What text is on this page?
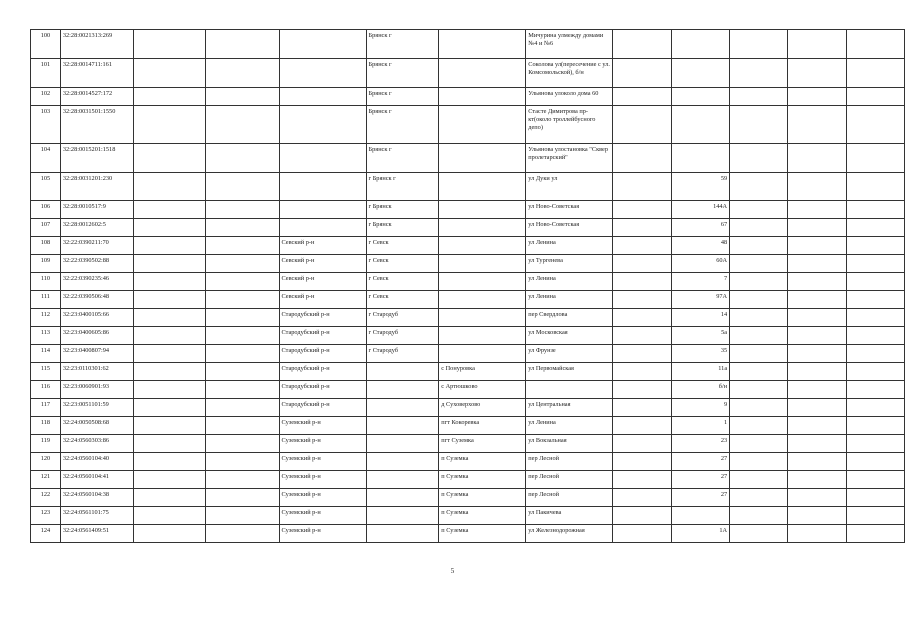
100	32:28:0021313:269				Брянск г		Мичурина улмежду домами №4 и №6					
101	32:28:0014711:161				Брянск г		Соколова ул(пересечение с ул. Комсомольской), б/н					
102	32:28:0014527:172				Брянск г		Ульянова улоколо дома 60					
103	32:28:0031501:1550				Брянск г		Стасте Димитрова пр-кт(около троллейбусного депо)					
104	32:28:0015201:1518				Брянск г		Ульянова улостановка "Сквер пролетарский"					
105	32:28:0031201:230				г Брянск г		ул Дуки ул		59			
106	32:28:0010517:9				г Брянск		ул Ново-Советская		144А			
107	32:28:0012602:5				г Брянск		ул Ново-Советская		67			
108	32:22:0390211:70			Севский р-н	г Севск		ул Ленина		48			
109	32:22:0390502:88			Севский р-н	г Севск		ул Тургенева		60А			
110	32:22:0390235:46			Севский р-н	г Севск		ул Ленина		7			
111	32:22:0390506:48			Севский р-н	г Севск		ул Ленина		97А			
112	32:23:0400105:66			Стародубский р-н	г Стародуб		пер Свердлова		14			
113	32:23:0400605:86			Стародубский р-н	г Стародуб		ул Московская		5а			
114	32:23:0400807:94			Стародубский р-н	г Стародуб		ул Фрунзе		35			
115	32:23:0110301:62			Стародубский р-н		с Понуровка	ул Первомайская		11а			
116	32:23:0060901:93			Стародубский р-н		с Артюшково			б/н			
117	32:23:0051101:59			Стародубский р-н		д Суховерхово	ул Центральная		9			
118	32:24:0050508:68			Суземский р-н		пгт Кокоревка	ул Ленина		1			
119	32:24:0560303:86			Суземский р-н		пгт Суземка	ул Вокзальная		23			
120	32:24:0560104:40			Суземский р-н		п Суземка	пер Лесной		27			
121	32:24:0560104:41			Суземский р-н		п Суземка	пер Лесной		27			
122	32:24:0560104:38			Суземский р-н		п Суземка	пер Лесной		27			
123	32:24:0561101:75			Суземский р-н		п Суземка	ул Пакичева					
124	32:24:0561409:51			Суземский р-н		п Суземка	ул Железнодорожная		1А			
5
